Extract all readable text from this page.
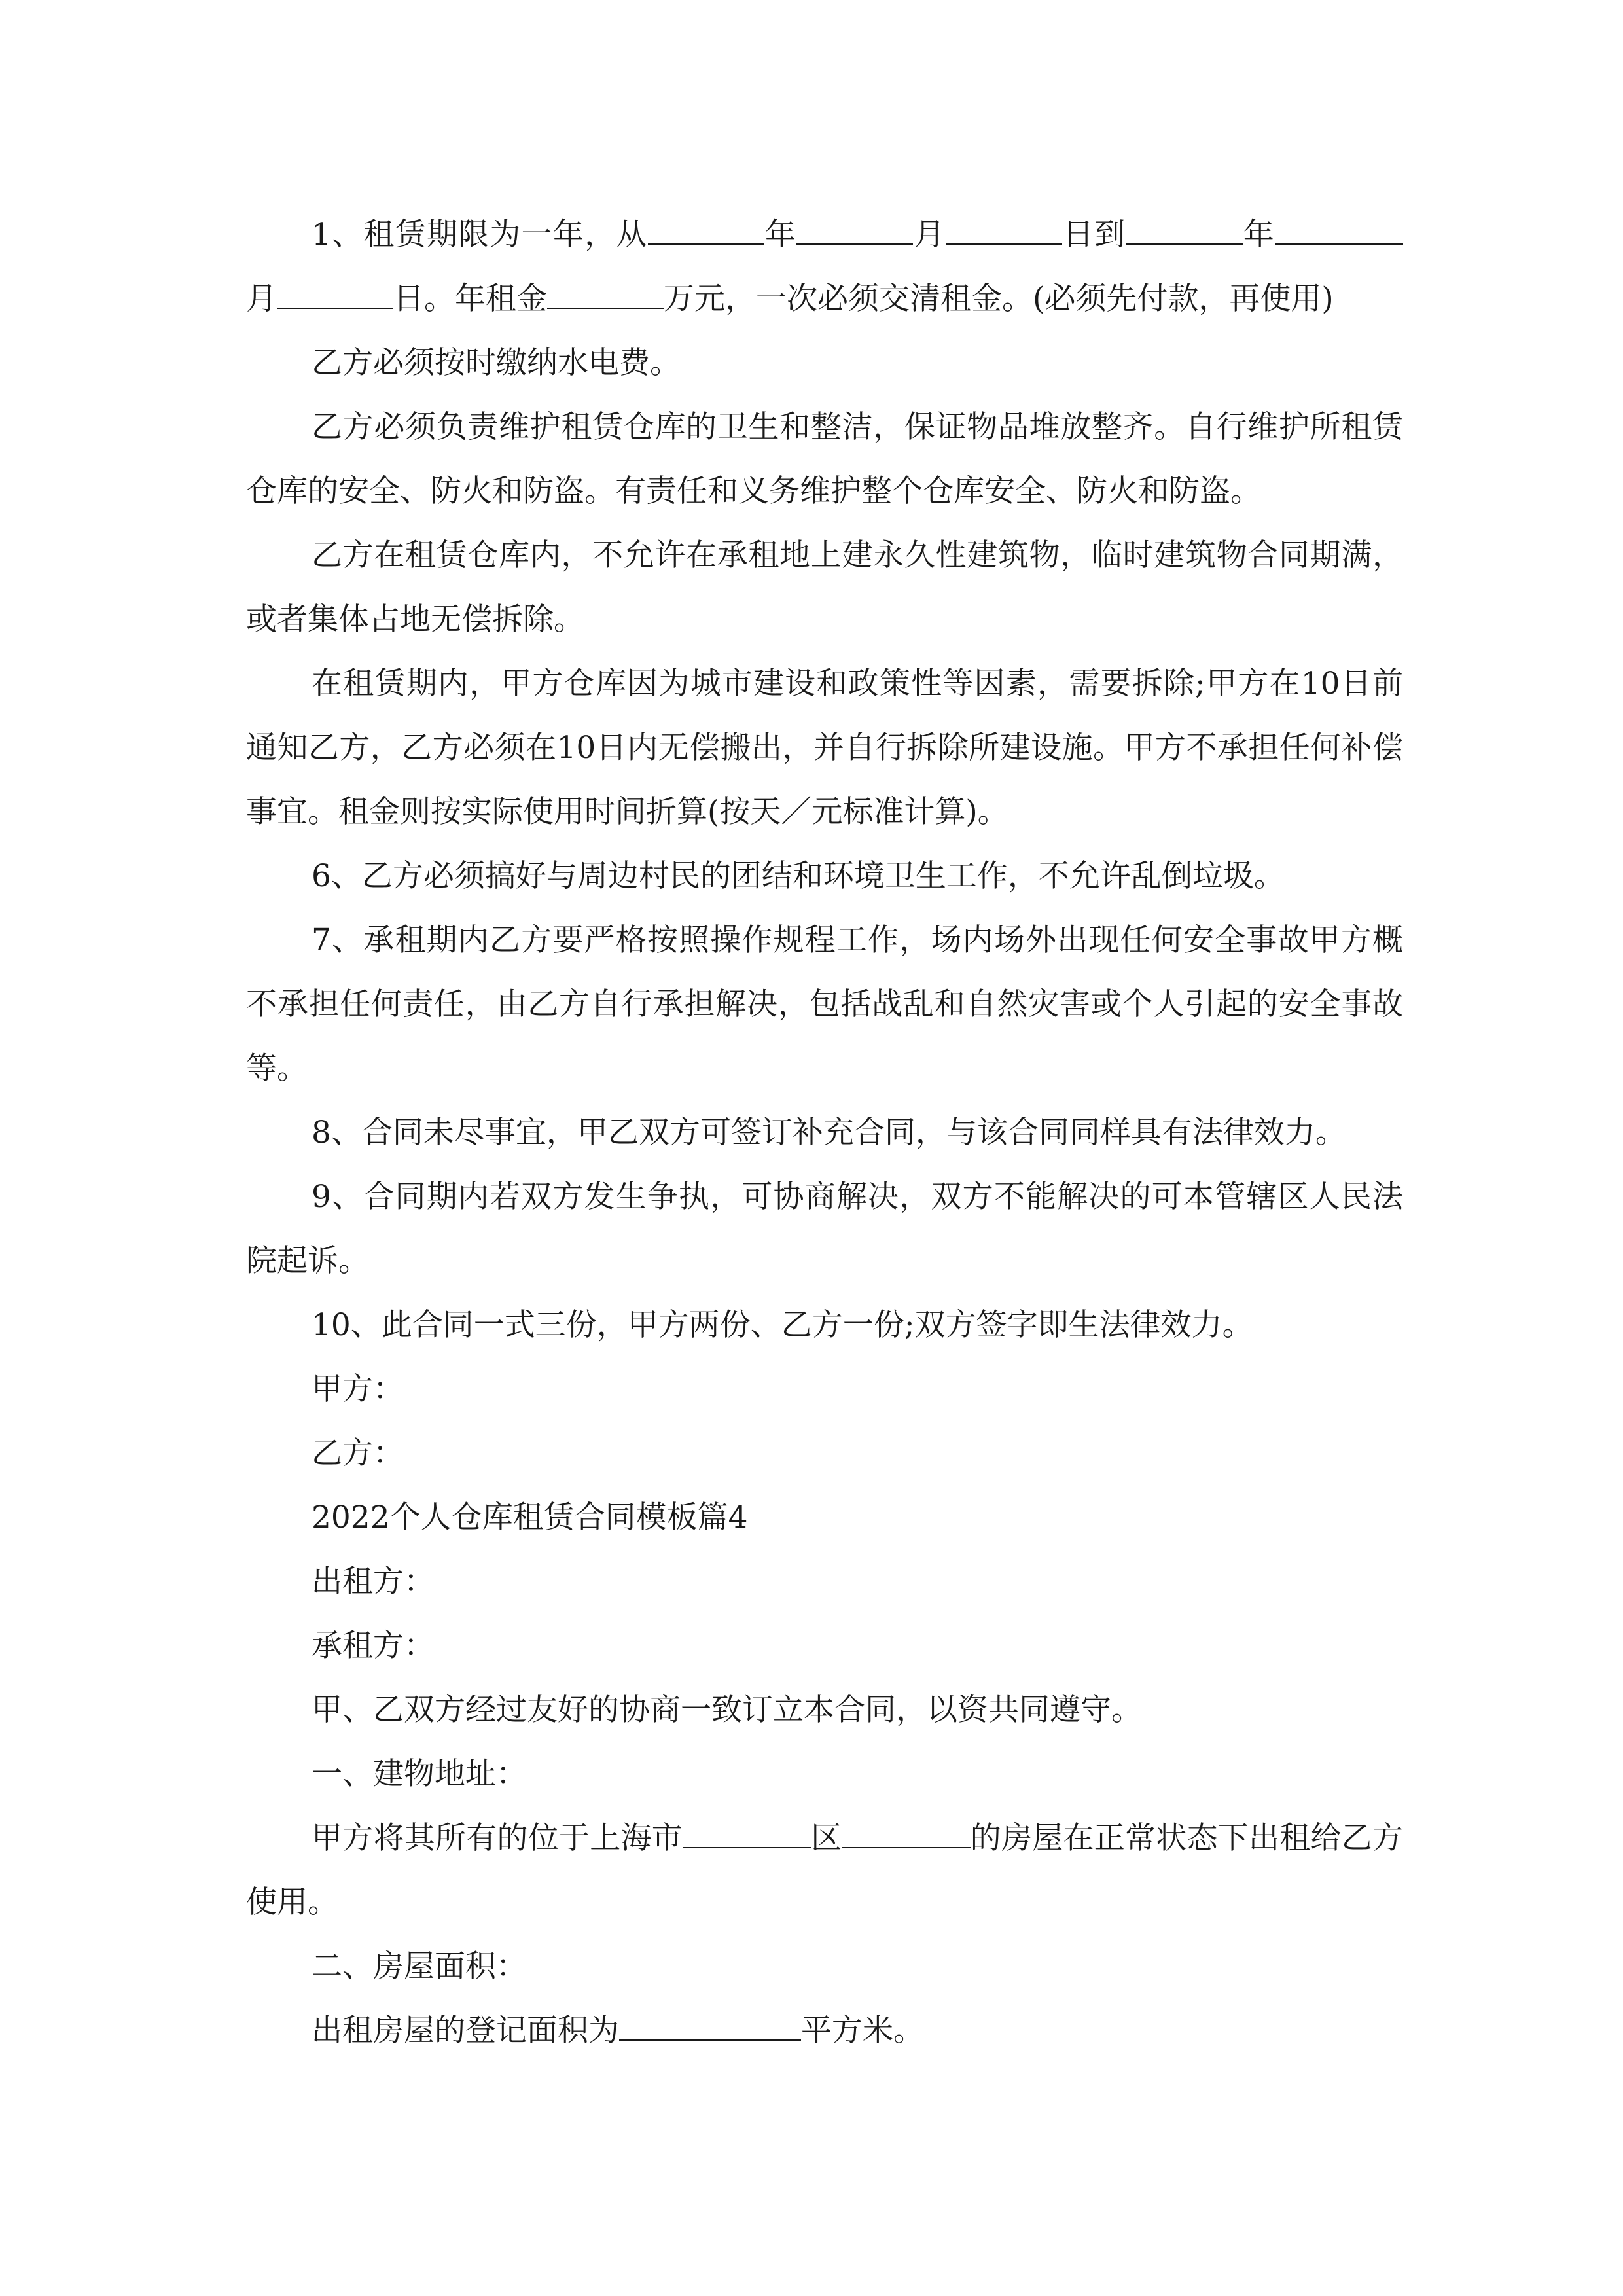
1、租赁期限为一年，从	年	月	日到	年月	日。年租金	万元，一次必须交清租金。(必须先付款，再使用)

乙方必须按时缴纳水电费。

乙方必须负责维护租赁仓库的卫生和整洁，保证物品堆放整齐。自行维护所租赁仓库的安全、防火和防盗。有责任和义务维护整个仓库安全、防火和防盗。

乙方在租赁仓库内，不允许在承租地上建永久性建筑物，临时建筑物合同期满，或者集体占地无偿拆除。

在租赁期内，甲方仓库因为城市建设和政策性等因素，需要拆除;甲方在10日前通知乙方，乙方必须在10日内无偿搬出，并自行拆除所建设施。甲方不承担任何补偿事宜。租金则按实际使用时间折算(按天／元标准计算)。

6、乙方必须搞好与周边村民的团结和环境卫生工作，不允许乱倒垃圾。

7、承租期内乙方要严格按照操作规程工作，场内场外出现任何安全事故甲方概不承担任何责任，由乙方自行承担解决，包括战乱和自然灾害或个人引起的安全事故等。

8、合同未尽事宜，甲乙双方可签订补充合同，与该合同同样具有法律效力。

9、合同期内若双方发生争执，可协商解决，双方不能解决的可本管辖区人民法院起诉。

10、此合同一式三份，甲方两份、乙方一份;双方签字即生法律效力。

甲方：

乙方：

2022个人仓库租赁合同模板篇4

出租方：

承租方：

甲、乙双方经过友好的协商一致订立本合同，以资共同遵守。

一、建物地址：

甲方将其所有的位于上海市	区	的房屋在正常状态下出租给乙方使用。

二、房屋面积：

出租房屋的登记面积为	平方米。
